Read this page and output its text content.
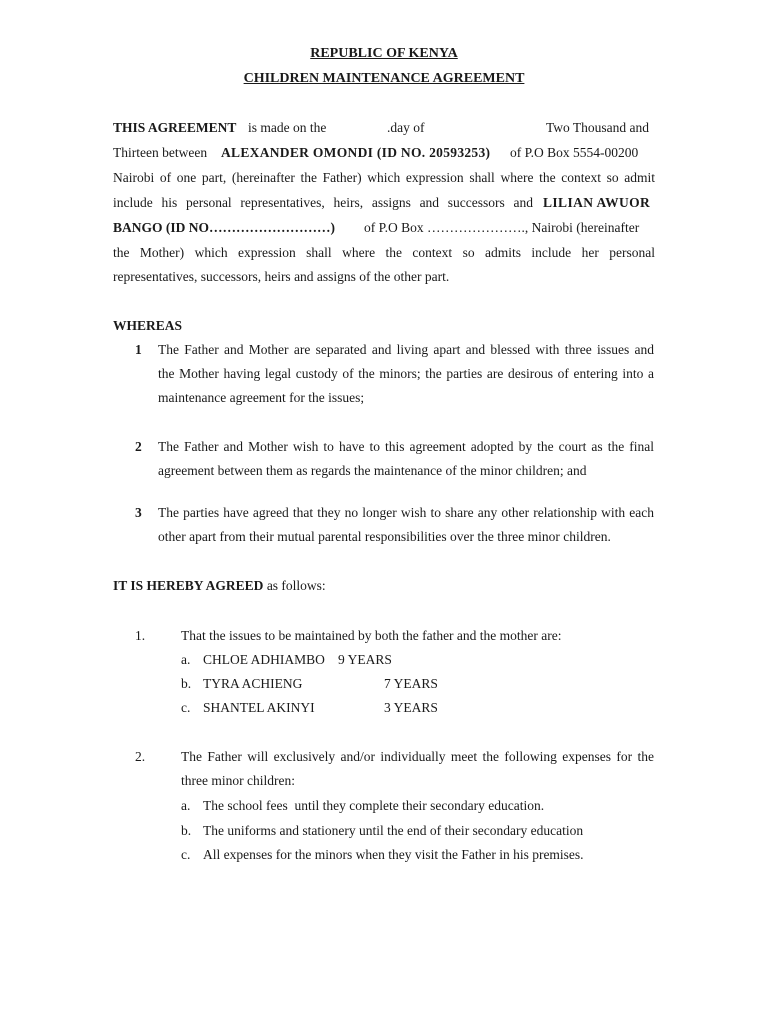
REPUBLIC OF KENYA
CHILDREN MAINTENANCE AGREEMENT
THIS AGREEMENT is made on the	.day of	Two Thousand and
Thirteen between ALEXANDER OMONDI (ID NO. 20593253) of P.O Box 5554-00200
Nairobi of one part, (hereinafter the Father) which expression shall where the context so admit
include his personal representatives, heirs, assigns and successors and LILIAN AWUOR
BANGO (ID NO………………………) of P.O Box …………………., Nairobi (hereinafter
the Mother) which expression shall where the context so admits include her personal
representatives, successors, heirs and assigns of the other part.
WHEREAS
1 The Father and Mother are separated and living apart and blessed with three issues and
the Mother having legal custody of the minors; the parties are desirous of entering into a
maintenance agreement for the issues;
2 The Father and Mother wish to have to this agreement adopted by the court as the final
agreement between them as regards the maintenance of the minor children; and
3 The parties have agreed that they no longer wish to share any other relationship with each
other apart from their mutual parental responsibilities over the three minor children.
IT IS HEREBY AGREED as follows:
1.	That the issues to be maintained by both the father and the mother are:
a. CHLOE ADHIAMBO 9 YEARS
b. TYRA ACHIENG	7 YEARS
c. SHANTEL AKINYI	3 YEARS
2.	The Father will exclusively and/or individually meet the following expenses for the
three minor children:
a. The school fees  until they complete their secondary education.
b. The uniforms and stationery until the end of their secondary education
c. All expenses for the minors when they visit the Father in his premises.
